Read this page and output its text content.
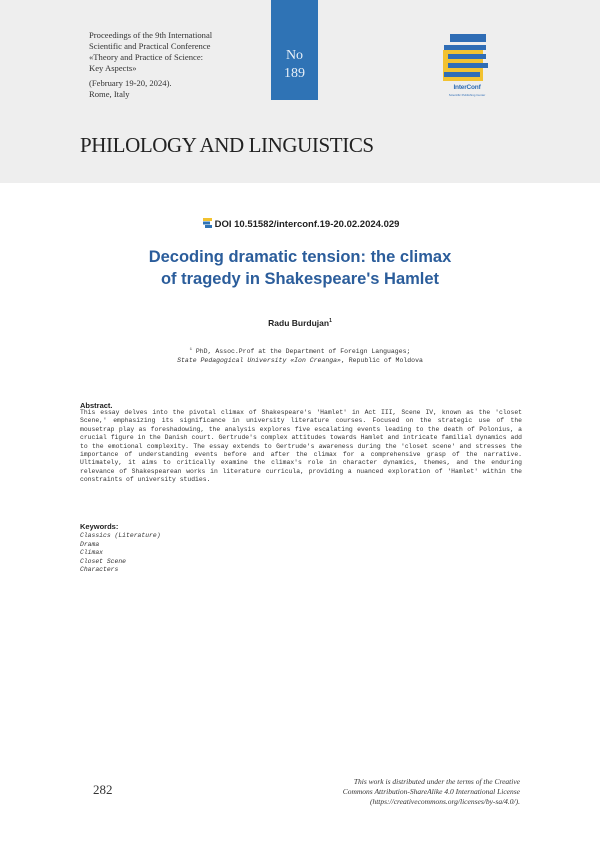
Proceedings of the 9th International
Scientific and Practical Conference
«Theory and Practice of Science:
Key Aspects»
(February 19-20, 2024).
Rome, Italy
No
189
InterConf
Scientific Publishing Center
PHILOLOGY AND LINGUISTICS
DOI 10.51582/interconf.19-20.02.2024.029
Decoding dramatic tension: the climax
of tragedy in Shakespeare's Hamlet
Radu Burdujan$^1$
$^1$ PhD, Assoc.Prof at the Department of Foreign Languages;
State Pedagogical University «Ion Creanga», Republic of Moldova
Abstract.
This essay delves into the pivotal climax of Shakespeare's 'Hamlet' in Act III, Scene IV, known as the 'closet Scene,' emphasizing its significance in university literature courses. Focused on the strategic use of the mousetrap play as foreshadowing, the analysis explores five escalating events leading to the death of Polonius, a crucial figure in the Danish court. Gertrude's complex attitudes towards Hamlet and intricate familial dynamics add to the emotional complexity. The essay extends to Gertrude's awareness during the 'closet scene' and stresses the importance of understanding events before and after the climax for a comprehensive grasp of the narrative. Ultimately, it aims to critically examine the climax's role in character dynamics, themes, and the enduring relevance of Shakespearean works in literature curricula, providing a nuanced exploration of 'Hamlet' within the constraints of university studies.
Keywords:
Classics (Literature)
Drama
Climax
Closet Scene
Characters
282
This work is distributed under the terms of the Creative
Commons Attribution-ShareAlike 4.0 International License
(https://creativecommons.org/licenses/by-sa/4.0/).
